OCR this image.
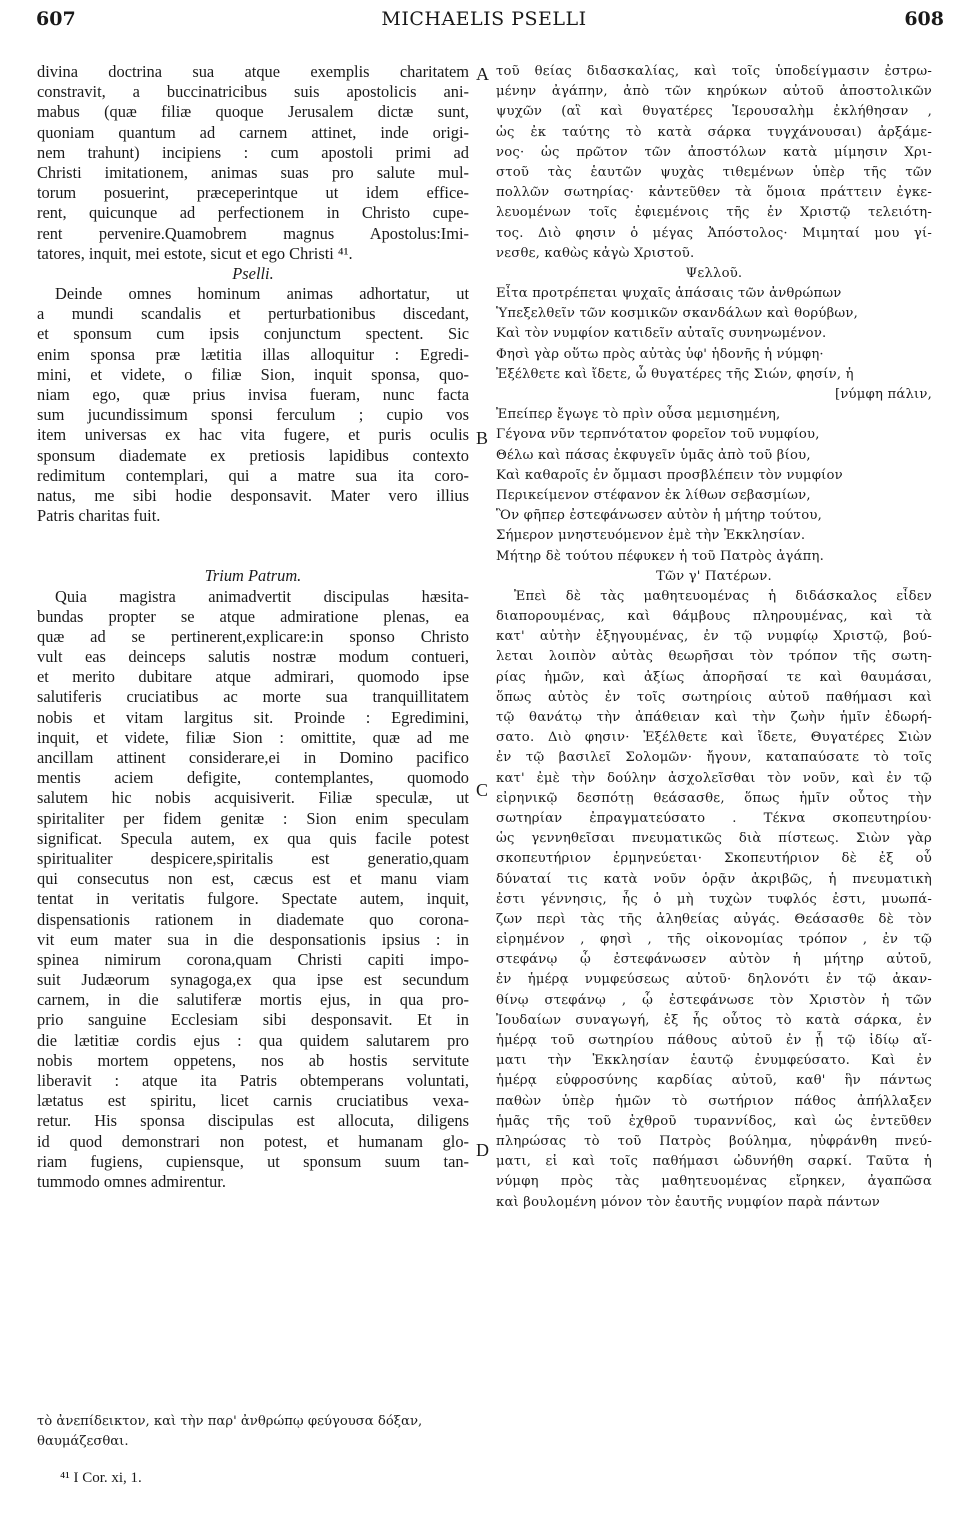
607	MICHAELIS PSELLI	608
A
B
C
D
divina doctrina sua atque exemplis charitatem
constravit, a buccinatricibus suis apostolicis ani-
mabus (quæ filiæ quoque Jerusalem dictæ sunt,
quoniam quantum ad carnem attinet, inde origi-
nem trahunt) incipiens : cum apostoli primi ad
Christi imitationem, animas suas pro salute mul-
torum posuerint, præceperintque ut idem effice-
rent, quicunque ad perfectionem in Christo cupe-
rent pervenire.Quamobrem magnus Apostolus:Imi-
tatores, inquit, mei estote, sicut et ego Christi ⁴¹.
Pselli.
Deinde omnes hominum animas adhortatur, ut
a mundi scandalis et perturbationibus discedant,
et sponsum cum ipsis conjunctum spectent. Sic
enim sponsa præ lætitia illas alloquitur : Egredi-
mini, et videte, o filiæ Sion, inquit sponsa, quo-
niam ego, quæ prius invisa fueram, nunc facta
sum jucundissimum sponsi ferculum ; cupio vos
item universas ex hac vita fugere, et puris oculis
sponsum diademate ex pretiosis lapidibus contexto
redimitum contemplari, qui a matre sua ita coro-
natus, me sibi hodie desponsavit. Mater vero illius
Patris charitas fuit.
Trium Patrum.
Quia magistra animadvertit discipulas hæsita-
bundas propter se atque admiratione plenas, ea
quæ ad se pertinerent,explicare:in sponso Christo
vult eas deinceps salutis nostræ modum contueri,
et merito dubitare atque admirari, quomodo ipse
salutiferis cruciatibus ac morte sua tranquillitatem
nobis et vitam largitus sit. Proinde : Egredimini,
inquit, et videte, filiæ Sion : omittite, quæ ad me
ancillam attinent considerare,ei in Domino pacifico
mentis aciem defigite, contemplantes, quomodo
salutem hic nobis acquisiverit. Filiæ speculæ, ut
spiritaliter per fidem genitæ : Sion enim speculam
significat. Specula autem, ex qua quis facile potest
spiritualiter despicere,spiritalis est generatio,quam
qui consecutus non est, cæcus est et manu viam
tentat in veritatis fulgore. Spectate autem, inquit,
dispensationis rationem in diademate quo coronа-
vit eum mater sua in die desponsationis ipsius : in
spinea nimirum corona,quam Christi capiti impo-
suit Judæorum synagoga,ex qua ipse est secundum
carnem, in die salutiferæ mortis ejus, in qua pro-
prio sanguine Ecclesiam sibi desponsavit. Et in
die lætitiæ cordis ejus : qua quidem salutarem pro
nobis mortem oppetens, nos ab hostis servitute
liberavit : atque ita Patris obtemperans voluntati,
lætatus est spiritu, licet carnis cruciatibus vexa-
retur. His sponsa discipulas est allocuta, diligens
id quod demonstrari non potest, et humanam glo-
riam fugiens, cupiensque, ut sponsum suum tan-
tummodo omnes admirentur.
τοῦ θείας διδασκαλίας, καὶ τοῖς ὑποδείγμασιν ἐστρω-
μένην ἀγάπην, ἀπὸ τῶν κηρύκων αὐτοῦ ἀποστολικῶν
ψυχῶν (αἳ καὶ θυγατέρες Ἱερουσαλὴμ ἐκλήθησαν ,
ὡς ἐκ ταύτης τὸ κατὰ σάρκα τυγχάνουσαι) ἀρξάμε-
νος· ὡς πρῶτον τῶν ἀποστόλων κατὰ μίμησιν Χρι-
στοῦ τὰς ἑαυτῶν ψυχὰς τιθεμένων ὑπὲρ τῆς τῶν
πολλῶν σωτηρίας· κἀντεῦθεν τὰ ὅμοια πράττειν ἐγκε-
λευομένων τοῖς ἐφιεμένοις τῆς ἐν Χριστῷ τελειότη-
τος. Διὸ φησιν ὁ μέγας Ἀπόστολος· Μιμηταί μου γί-
νεσθε, καθὼς κἀγὼ Χριστοῦ.
Ψελλοῦ.
Εἶτα προτρέπεται ψυχαῖς ἁπάσαις τῶν ἀνθρώπων
Ὑπεξελθεῖν τῶν κοσμικῶν σκανδάλων καὶ θορύβων,
Καὶ τὸν νυμφίον κατιδεῖν αὐταῖς συνηνωμένον.
Φησὶ γὰρ οὕτω πρὸς αὐτὰς ὑφ' ἡδονῆς ἡ νύμφη·
Ἐξέλθετε καὶ ἴδετε, ὦ θυγατέρες τῆς Σιών, φησίν, ἡ
[νύμφη πάλιν,
Ἐπείπερ ἔγωγε τὸ πρὶν οὖσα μεμισημένη,
Γέγονα νῦν τερπνότατον φορεῖον τοῦ νυμφίου,
Θέλω καὶ πάσας ἐκφυγεῖν ὑμᾶς ἀπὸ τοῦ βίου,
Καὶ καθαροῖς ἐν ὄμμασι προσβλέπειν τὸν νυμφίον
Περικείμενον στέφανον ἐκ λίθων σεβασμίων,
Ὃν φῆπερ ἐστεφάνωσεν αὐτὸν ἡ μήτηρ τούτου,
Σήμερον μνηστευόμενον ἐμὲ τὴν Ἐκκλησίαν.
Μήτηρ δὲ τούτου πέφυκεν ἡ τοῦ Πατρὸς ἀγάπη.
Τῶν γ' Πατέρων.
Ἐπεὶ δὲ τὰς μαθητευομένας ἡ διδάσκαλος εἶδεν
διαπορουμένας, καὶ θάμβους πληρουμένας, καὶ τὰ
κατ' αὐτὴν ἐξηγουμένας, ἐν τῷ νυμφίῳ Χριστῷ, βού-
λεται λοιπὸν αὐτὰς θεωρῆσαι τὸν τρόπον τῆς σωτη-
ρίας ἡμῶν, καὶ ἀξίως ἀπορῆσαί τε καὶ θαυμάσαι,
ὅπως αὐτὸς ἐν τοῖς σωτηρίοις αὐτοῦ παθήμασι καὶ
τῷ θανάτῳ τὴν ἀπάθειαν καὶ τὴν ζωὴν ἡμῖν ἐδωρή-
σατο. Διὸ φησιν· Ἐξέλθετε καὶ ἴδετε, Θυγατέρες Σιὼν
ἐν τῷ βασιλεῖ Σολομῶν· ἤγουν, καταπαύσατε τὸ τοῖς
κατ' ἐμὲ τὴν δούλην ἀσχολεῖσθαι τὸν νοῦν, καὶ ἐν τῷ
εἰρηνικῷ δεσπότῃ θεάσασθε, ὅπως ἡμῖν οὗτος τὴν
σωτηρίαν ἐπραγματεύσατο . Τέκνα σκοπευτηρίου·
ὡς γεννηθεῖσαι πνευματικῶς διὰ πίστεως. Σιὼν γὰρ
σκοπευτήριον ἑρμηνεύεται· Σκοπευτήριον δὲ ἐξ οὗ
δύναταί τις κατὰ νοῦν ὁρᾷν ἀκριβῶς, ἡ πνευματικὴ
ἐστι γέννησις, ἧς ὁ μὴ τυχὼν τυφλός ἐστι, μυωπά-
ζων περὶ τὰς τῆς ἀληθείας αὐγάς. Θεάσασθε δὲ τὸν
εἰρημένον , φησὶ , τῆς οἰκονομίας τρόπον , ἐν τῷ
στεφάνῳ ᾧ ἐστεφάνωσεν αὐτὸν ἡ μήτηρ αὐτοῦ,
ἐν ἡμέρᾳ νυμφεύσεως αὐτοῦ· δηλονότι ἐν τῷ ἀκαν-
θίνῳ στεφάνῳ , ᾧ ἐστεφάνωσε τὸν Χριστὸν ἡ τῶν
Ἰουδαίων συναγωγή, ἐξ ἧς οὗτος τὸ κατὰ σάρκα, ἐν
ἡμέρᾳ τοῦ σωτηρίου πάθους αὐτοῦ ἐν ᾗ τῷ ἰδίῳ αἵ-
ματι τὴν Ἐκκλησίαν ἑαυτῷ ἐνυμφεύσατο. Καὶ ἐν
ἡμέρᾳ εὐφροσύνης καρδίας αὐτοῦ, καθ' ἣν πάντως
παθὼν ὑπὲρ ἡμῶν τὸ σωτήριον πάθος ἀπήλλαξεν
ἡμᾶς τῆς τοῦ ἐχθροῦ τυραννίδος, καὶ ὡς ἐντεῦθεν
πληρώσας τὸ τοῦ Πατρὸς βούλημα, ηὐφράνθη πνεύ-
ματι, εἰ καὶ τοῖς παθήμασι ὠδυνήθη σαρκί. Ταῦτα ἡ
νύμφη πρὸς τὰς μαθητευομένας εἴρηκεν, ἀγαπῶσα
καὶ βουλομένη μόνον τὸν ἑαυτῆς νυμφίον παρὰ πάντων
τὸ ἀνεπίδεικτον, καὶ τὴν παρ' ἀνθρώπῳ φεύγουσα δόξαν,
θαυμάζεσθαι.
⁴¹ I Cor. xi, 1.
